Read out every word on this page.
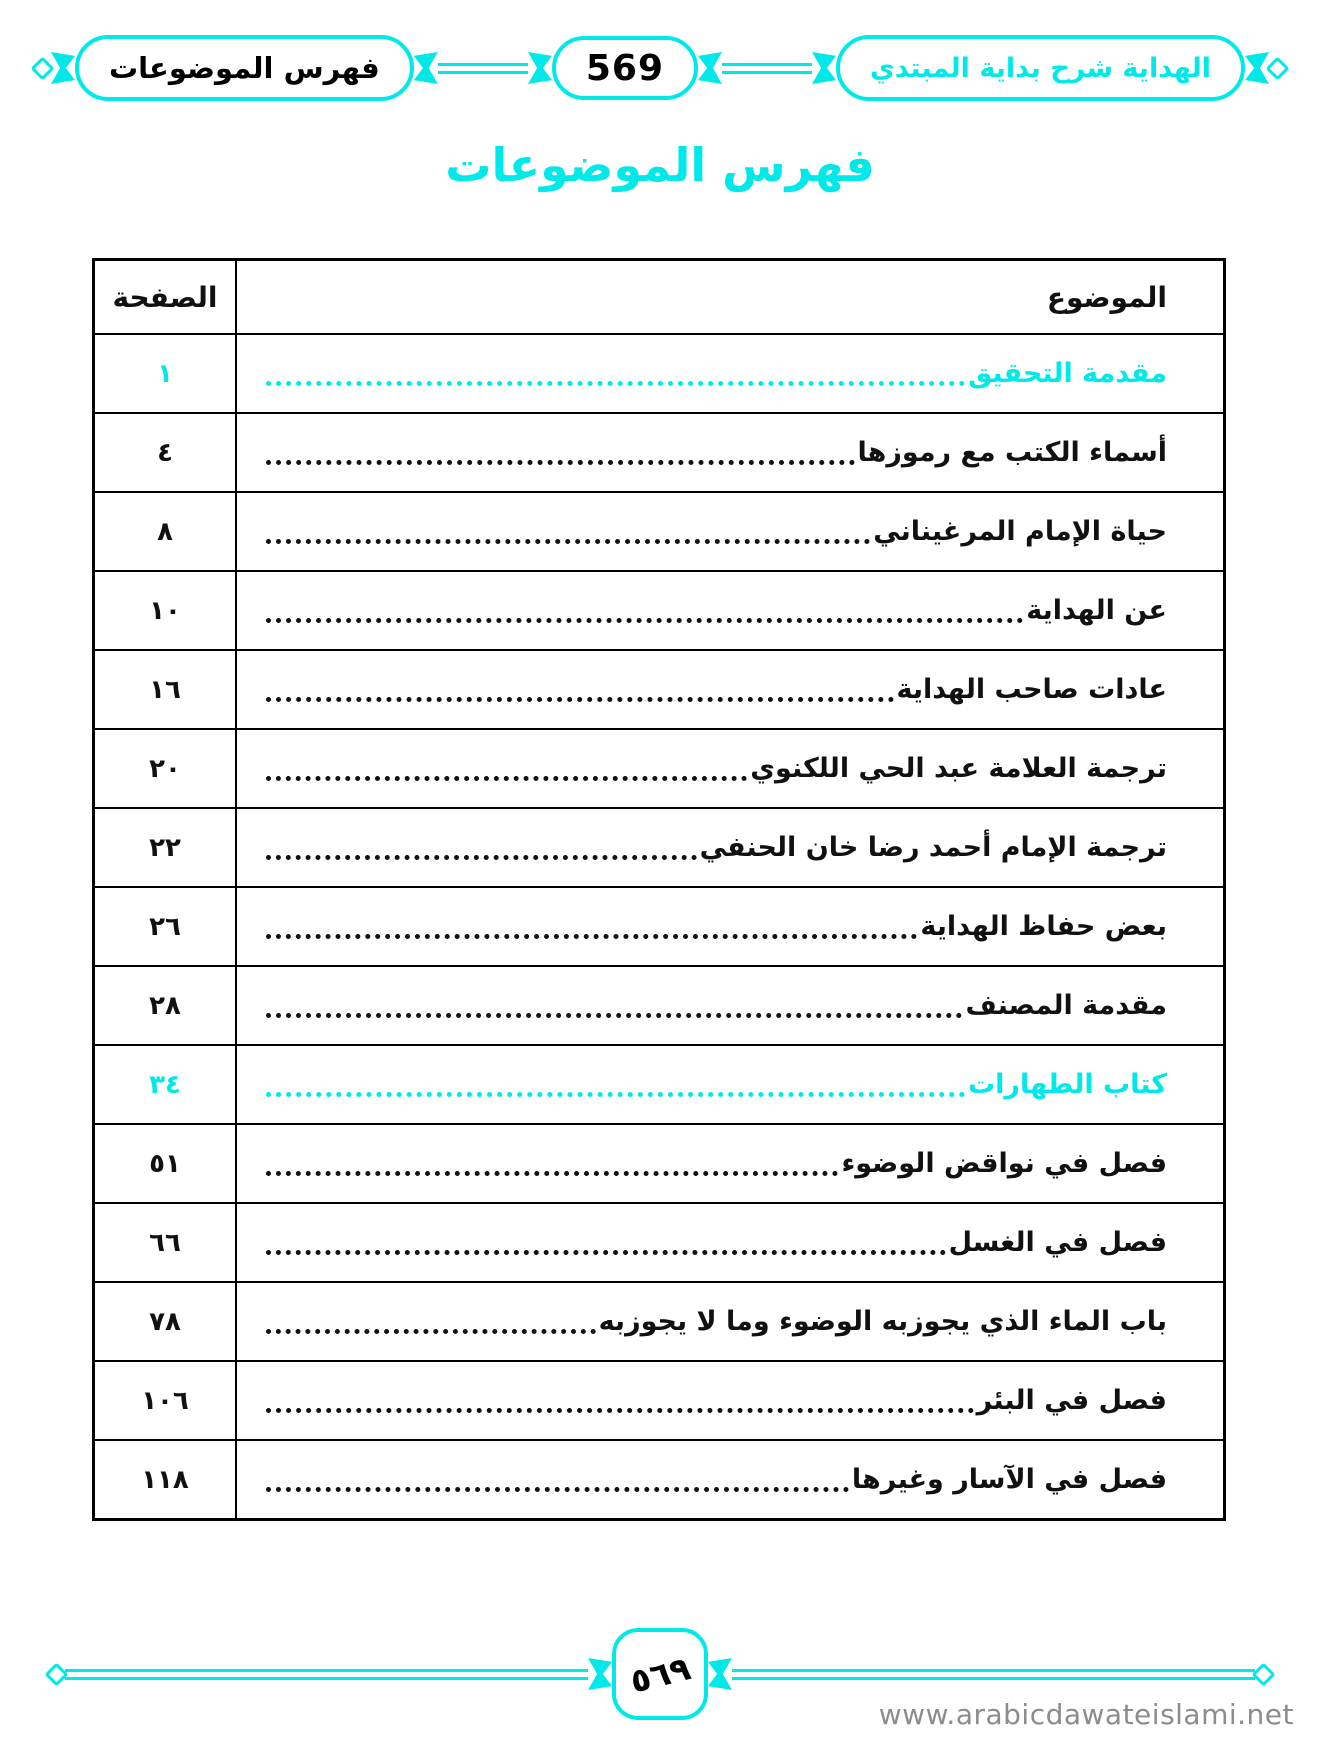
فهرس الموضوعات	569	الهداية شرح بداية المبتدي
فهرس الموضوعات
الصفحة	الموضوع
١	مقدمة التحقيق
٤	أسماء الكتب مع رموزها
٨	حياة الإمام المرغيناني
١٠	عن الهداية
١٦	عادات صاحب الهداية
٢٠	ترجمة العلامة عبد الحي اللكنوي
٢٢	ترجمة الإمام أحمد رضا خان الحنفي
٢٦	بعض حفاظ الهداية
٢٨	مقدمة المصنف
٣٤	كتاب الطهارات
٥١	فصل في نواقض الوضوء
٦٦	فصل في الغسل
٧٨	باب الماء الذي يجوزبه الوضوء وما لا يجوزبه
١٠٦	فصل في البئر
١١٨	فصل في الآسار وغيرها
٥٦٩
www.arabicdawateislami.net
